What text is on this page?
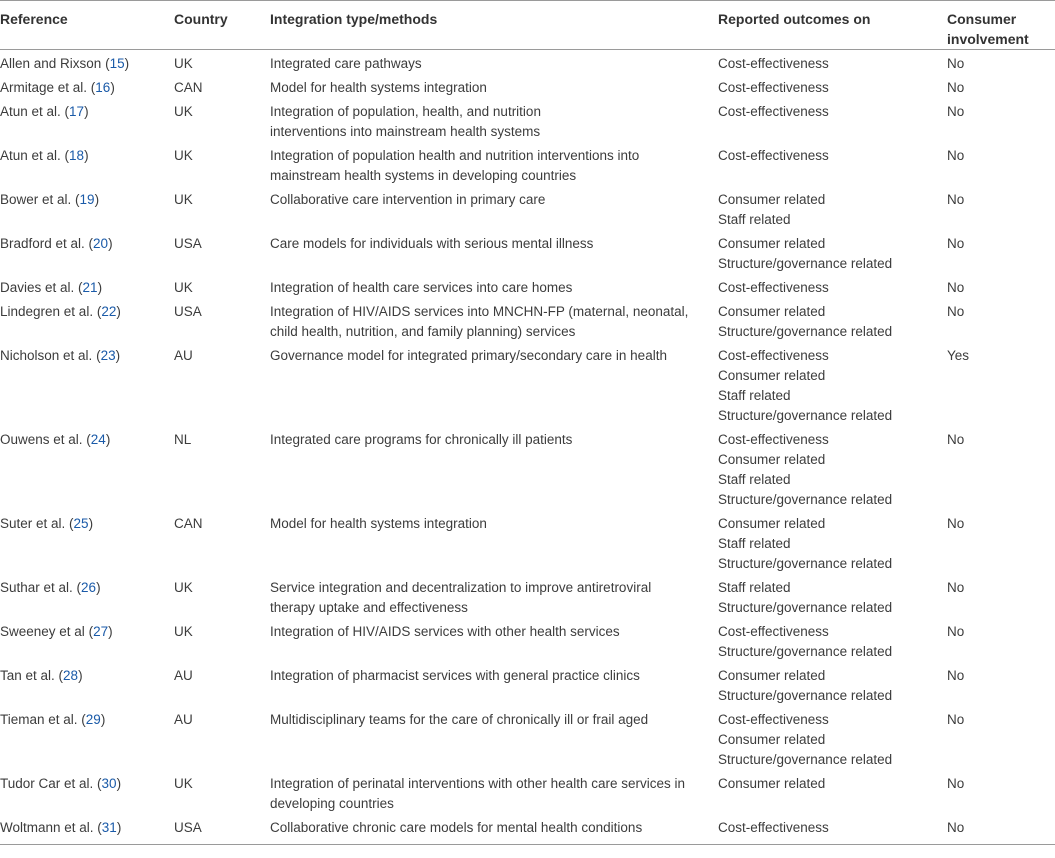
Reference	Country	Integration type/methods	Reported outcomes on	Consumer involvement
Allen and Rixson (15)	UK	Integrated care pathways	Cost-effectiveness	No
Armitage et al. (16)	CAN	Model for health systems integration	Cost-effectiveness	No
Atun et al. (17)	UK	Integration of population, health, and nutrition
interventions into mainstream health systems	Cost-effectiveness	No
Atun et al. (18)	UK	Integration of population health and nutrition interventions into
mainstream health systems in developing countries	Cost-effectiveness	No
Bower et al. (19)	UK	Collaborative care intervention in primary care	Consumer related
Staff related	No
Bradford et al. (20)	USA	Care models for individuals with serious mental illness	Consumer related
Structure/governance related	No
Davies et al. (21)	UK	Integration of health care services into care homes	Cost-effectiveness	No
Lindegren et al. (22)	USA	Integration of HIV/AIDS services into MNCHN-FP (maternal, neonatal,
child health, nutrition, and family planning) services	Consumer related
Structure/governance related	No
Nicholson et al. (23)	AU	Governance model for integrated primary/secondary care in health	Cost-effectiveness
Consumer related
Staff related
Structure/governance related	Yes
Ouwens et al. (24)	NL	Integrated care programs for chronically ill patients	Cost-effectiveness
Consumer related
Staff related
Structure/governance related	No
Suter et al. (25)	CAN	Model for health systems integration	Consumer related
Staff related
Structure/governance related	No
Suthar et al. (26)	UK	Service integration and decentralization to improve antiretroviral
therapy uptake and effectiveness	Staff related
Structure/governance related	No
Sweeney et al (27)	UK	Integration of HIV/AIDS services with other health services	Cost-effectiveness
Structure/governance related	No
Tan et al. (28)	AU	Integration of pharmacist services with general practice clinics	Consumer related
Structure/governance related	No
Tieman et al. (29)	AU	Multidisciplinary teams for the care of chronically ill or frail aged	Cost-effectiveness
Consumer related
Structure/governance related	No
Tudor Car et al. (30)	UK	Integration of perinatal interventions with other health care services in
developing countries	Consumer related	No
Woltmann et al. (31)	USA	Collaborative chronic care models for mental health conditions	Cost-effectiveness	No
